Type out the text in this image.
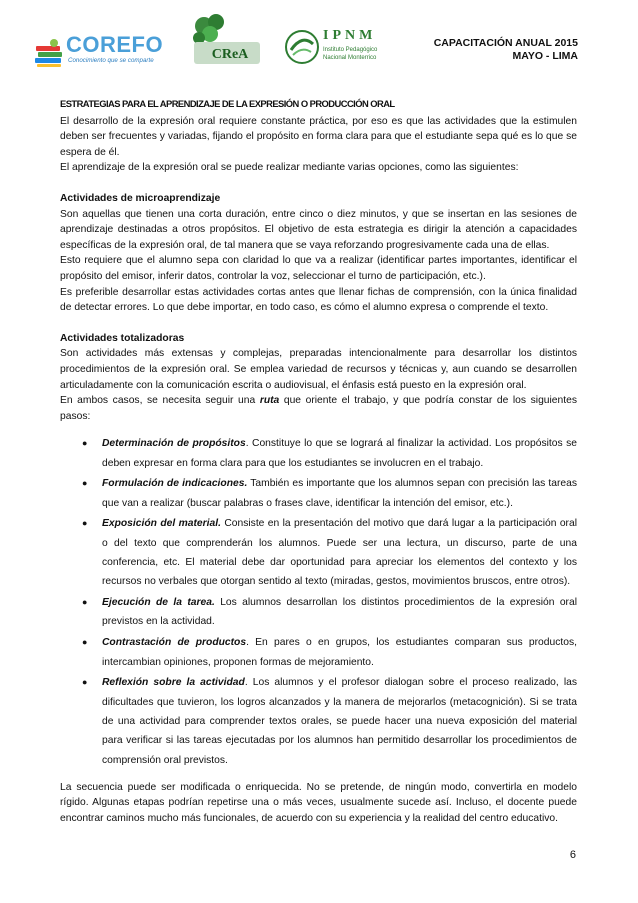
COREFO
Conocimiento que se comparte	CReA
IPNM
Instituto Pedagógico
Nacional Monterrico
CAPACITACIÓN ANUAL 2015
MAYO - LIMA

ESTRATEGIAS PARA EL APRENDIZAJE DE LA EXPRESIÓN O PRODUCCIÓN ORAL

El desarrollo de la expresión oral requiere constante práctica, por eso es que las actividades que la estimulen deben ser frecuentes y variadas, fijando el propósito en forma clara para que el estudiante sepa qué es lo que se espera de él.

El aprendizaje de la expresión oral se puede realizar mediante varias opciones, como las siguientes:

Actividades de microaprendizaje

Son aquellas que tienen una corta duración, entre cinco o diez minutos, y que se insertan en las sesiones de aprendizaje destinadas a otros propósitos. El objetivo de esta estrategia es dirigir la atención a capacidades específicas de la expresión oral, de tal manera que se vaya reforzando progresivamente cada una de ellas.

Esto requiere que el alumno sepa con claridad lo que va a realizar (identificar partes importantes, identificar el propósito del emisor, inferir datos, controlar la voz, seleccionar el turno de participación, etc.).

Es preferible desarrollar estas actividades cortas antes que llenar fichas de comprensión, con la única finalidad de detectar errores. Lo que debe importar, en todo caso, es cómo el alumno expresa o comprende el texto.

Actividades totalizadoras

Son actividades más extensas y complejas, preparadas intencionalmente para desarrollar los distintos procedimientos de la expresión oral. Se emplea variedad de recursos y técnicas y, aun cuando se desarrollen articuladamente con la comunicación escrita o audiovisual, el énfasis está puesto en la expresión oral.

En ambos casos, se necesita seguir una ruta que oriente el trabajo, y que podría constar de los siguientes pasos:

● Determinación de propósitos. Constituye lo que se logrará al finalizar la actividad. Los propósitos se deben expresar en forma clara para que los estudiantes se involucren en el trabajo.
● Formulación de indicaciones. También es importante que los alumnos sepan con precisión las tareas que van a realizar (buscar palabras o frases clave, identificar la intención del emisor, etc.).
● Exposición del material. Consiste en la presentación del motivo que dará lugar a la participación oral o del texto que comprenderán los alumnos. Puede ser una lectura, un discurso, parte de una conferencia, etc. El material debe dar oportunidad para apreciar los elementos del contexto y los recursos no verbales que otorgan sentido al texto (miradas, gestos, movimientos bruscos, entre otros).
● Ejecución de la tarea. Los alumnos desarrollan los distintos procedimientos de la expresión oral previstos en la actividad.
● Contrastación de productos. En pares o en grupos, los estudiantes comparan sus productos, intercambian opiniones, proponen formas de mejoramiento.
● Reflexión sobre la actividad. Los alumnos y el profesor dialogan sobre el proceso realizado, las dificultades que tuvieron, los logros alcanzados y la manera de mejorarlos (metacognición). Si se trata de una actividad para comprender textos orales, se puede hacer una nueva exposición del material para verificar si las tareas ejecutadas por los alumnos han permitido desarrollar los procedimientos de comprensión oral previstos.

La secuencia puede ser modificada o enriquecida. No se pretende, de ningún modo, convertirla en modelo rígido. Algunas etapas podrían repetirse una o más veces, usualmente sucede así. Incluso, el docente puede encontrar caminos mucho más funcionales, de acuerdo con su experiencia y la realidad del centro educativo.

6
